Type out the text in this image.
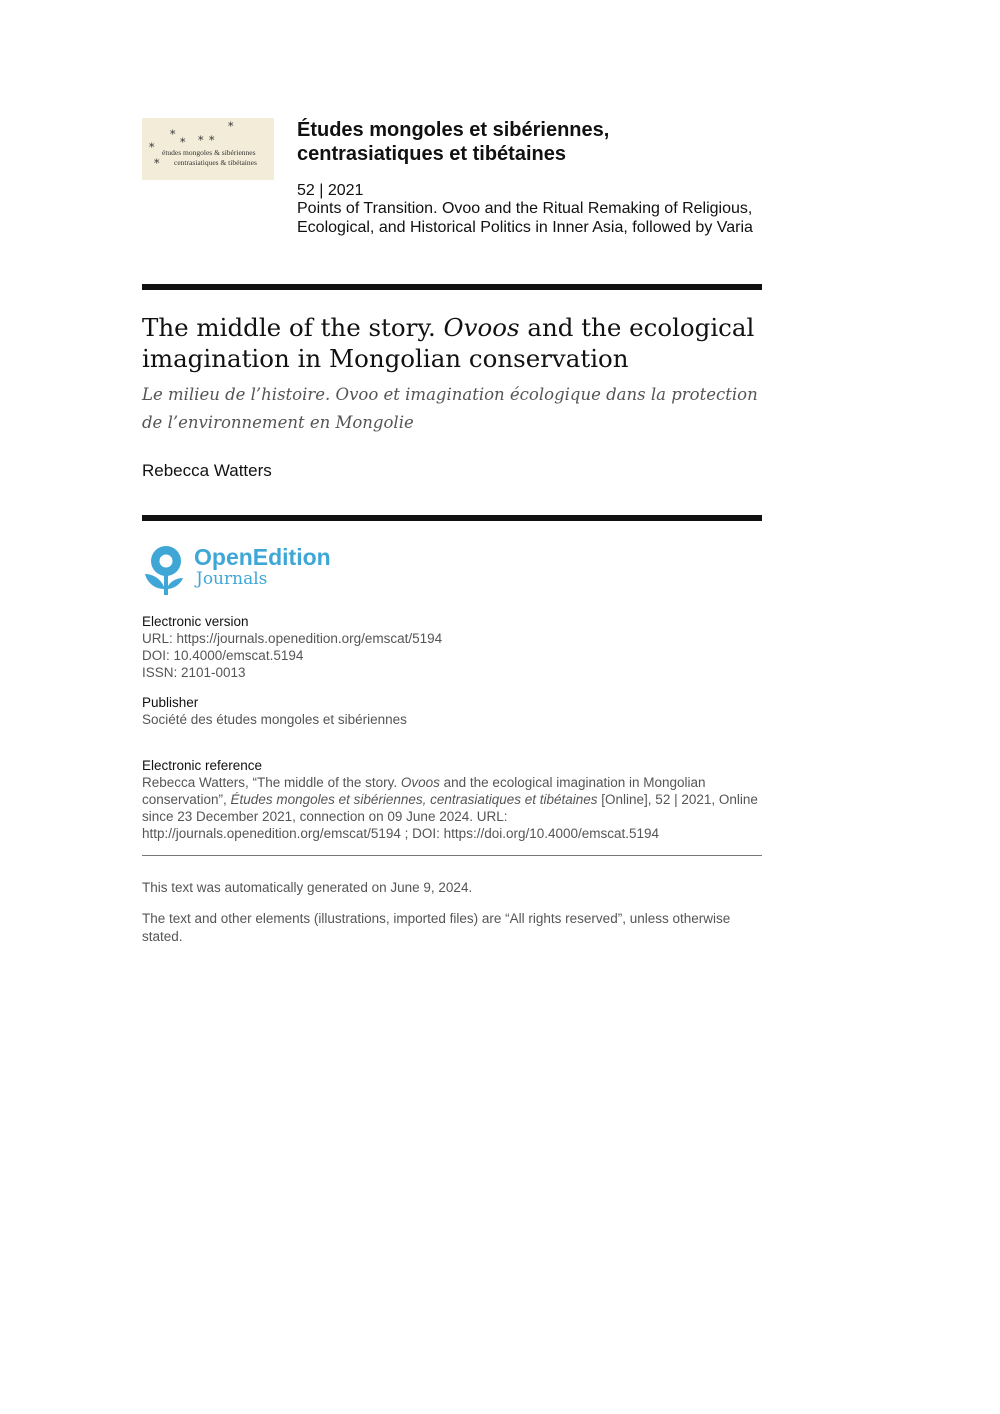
*
* * *
*
*
*
études mongoles & sibériennes
centrasiatiques & tibétaines
Études mongoles et sibériennes,
centrasiatiques et tibétaines
52 | 2021
Points of Transition. Ovoo and the Ritual Remaking of Religious, Ecological, and Historical Politics in Inner Asia, followed by Varia
The middle of the story. Ovoos and the ecological imagination in Mongolian conservation

Le milieu de l’histoire. Ovoo et imagination écologique dans la protection de l’environnement en Mongolie

Rebecca Watters
OpenEdition
Journals
Electronic version
URL: https://journals.openedition.org/emscat/5194
DOI: 10.4000/emscat.5194
ISSN: 2101-0013
Publisher
Société des études mongoles et sibériennes
Electronic reference

Rebecca Watters, “The middle of the story. Ovoos and the ecological imagination in Mongolian conservation”, Études mongoles et sibériennes, centrasiatiques et tibétaines [Online], 52 | 2021, Online since 23 December 2021, connection on 09 June 2024. URL: http://journals.openedition.org/emscat/5194 ; DOI: https://doi.org/10.4000/emscat.5194

This text was automatically generated on June 9, 2024.

The text and other elements (illustrations, imported files) are “All rights reserved”, unless otherwise stated.
